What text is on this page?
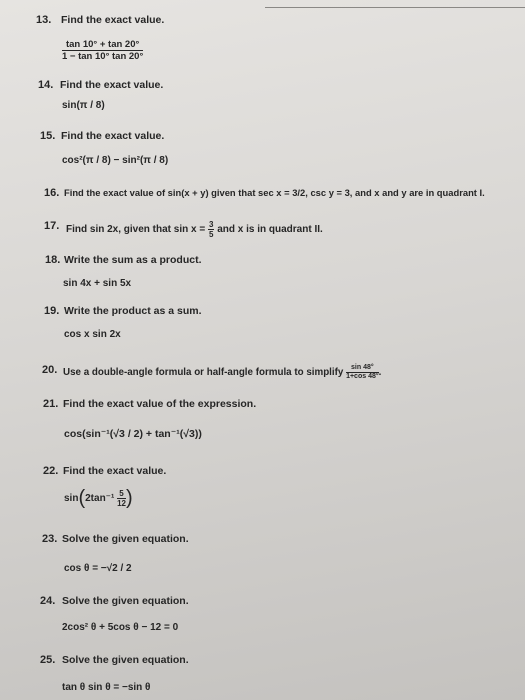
13. Find the exact value.
$\frac{\tan 10^\circ + \tan 20^\circ}{1 - \tan 10^\circ \tan 20^\circ}$
14. Find the exact value.
sin(π / 8)
15. Find the exact value.
cos²(π / 8) − sin²(π / 8)
16. Find the exact value of sin(x + y) given that sec x = 3/2, csc y = 3, and x and y are in quadrant I.
17. Find sin 2x, given that $\sin x = \frac{3}{5}$ and x is in quadrant II.
18. Write the sum as a product.
sin 4x + sin 5x
19. Write the product as a sum.
cos x sin 2x
20. Use a double-angle formula or half-angle formula to simplify $\frac{\sin 48^\circ}{1+\cos 48^\circ}$ .
21. Find the exact value of the expression.
cos(sin⁻¹(√3 / 2) + tan⁻¹(√3))
22. Find the exact value.
$\sin(2\tan^{-1} \frac{5}{12}$ )
23. Solve the given equation.
cos θ = −√2 / 2
24. Solve the given equation.
2cos² θ + 5cos θ − 12 = 0
25. Solve the given equation.
tan θ sin θ = −sin θ
